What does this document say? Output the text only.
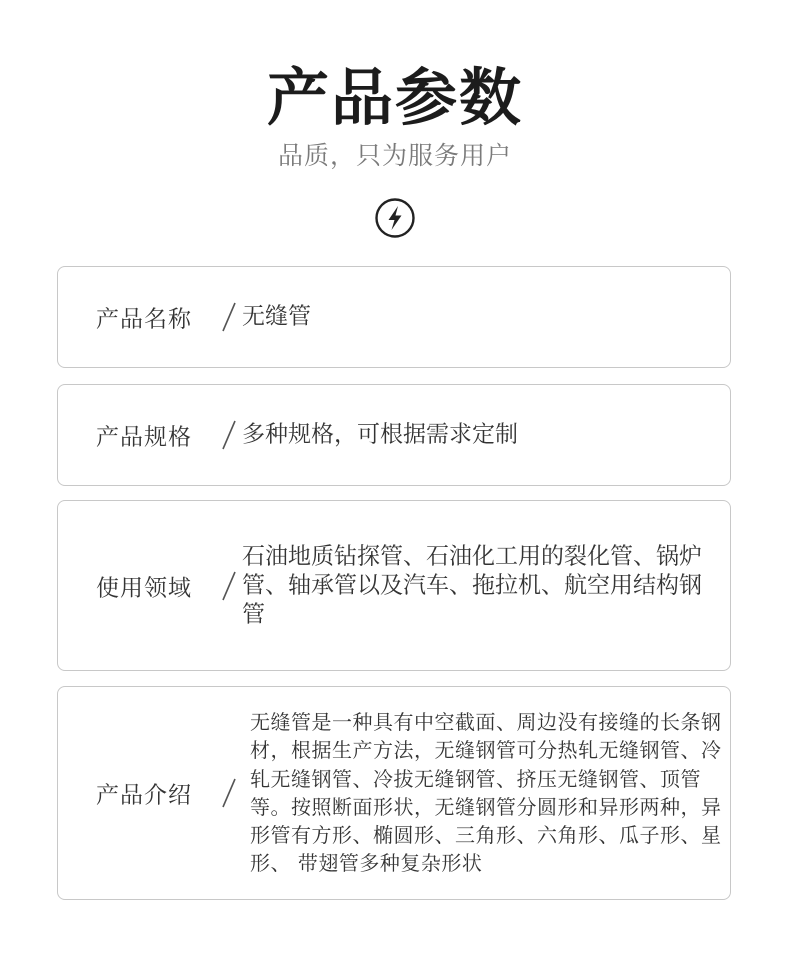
产品参数
品质，只为服务用户
产品名称 无缝管
产品规格 多种规格，可根据需求定制
使用领域
石油地质钻探管、石油化工用的裂化管、锅炉管、轴承管以及汽车、拖拉机、航空用结构钢管
产品介绍
无缝管是一种具有中空截面、周边没有接缝的长条钢材，根据生产方法，无缝钢管可分热轧无缝钢管、冷轧无缝钢管、冷拔无缝钢管、挤压无缝钢管、顶管等。按照断面形状，无缝钢管分圆形和异形两种，异形管有方形、椭圆形、三角形、六角形、瓜子形、星形、 带翅管多种复杂形状
